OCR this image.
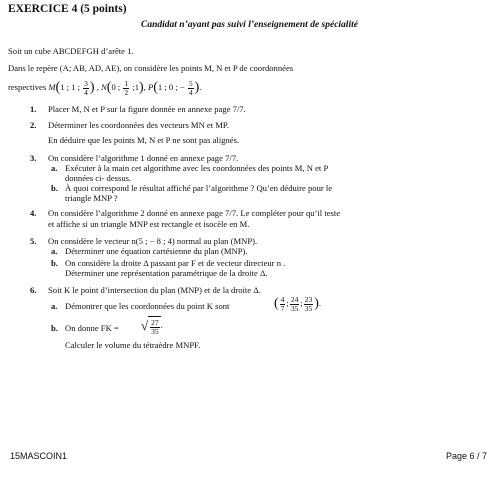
EXERCICE 4 (5 points)
Candidat n’ayant pas suivi l’enseignement de spécialité
Soit un cube ABCDEFGH d’arête 1.
Dans le repère (A; AB, AD, AE), on considère les points M, N et P de coordonnées
respectives M(1 ; 1 ; $\frac{3}{4}$ ) , N(0 ; $\frac{1}{2}$ ;1), P(1 ; 0 ; − $\frac{5}{4}$ ).
1. Placer M, N et P sur la figure donnée en annexe page 7/7.
2. Déterminer les coordonnées des vecteurs MN et MP.
En déduire que les points M, N et P ne sont pas alignés.
3. On considère l’algorithme 1 donné en annexe page 7/7.
a. Exécuter à la main cet algorithme avec les coordonnées des points M, N et P
données ci- dessus.
b. À quoi correspond le résultat affiché par l’algorithme ? Qu’en déduire pour le
triangle MNP ?
4. On considère l’algorithme 2 donné en annexe page 7/7. Le compléter pour qu’il teste
et affiche si un triangle MNP est rectangle et isocèle en M.
5. On considère le vecteur n(5 ; − 8 ; 4) normal au plan (MNP).
a. Déterminer une équation cartésienne du plan (MNP).
b. On considère la droite Δ passant par F et de vecteur directeur n .
Déterminer une représentation paramétrique de la droite Δ.
6. Soit K le point d’intersection du plan (MNP) et de la droite Δ.
a. Démontrer que les coordonnées du point K sont	( $\frac{4}{7}$ ; $\frac{24}{35}$ ; $\frac{23}{35}$ ).
b. On donne FK = √ $\frac{27}{35}$ .
Calculer le volume du tétraèdre MNPF.
15MASCOIN1	Page 6 / 7
